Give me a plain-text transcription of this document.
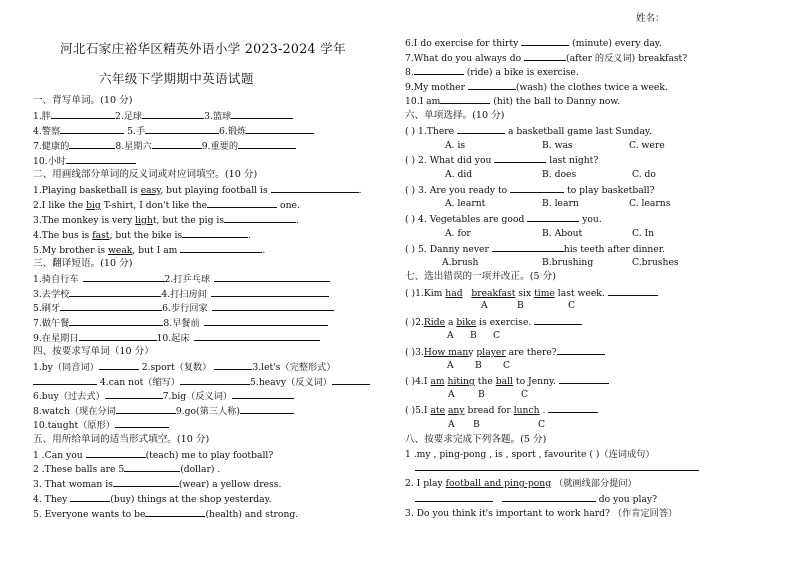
姓名：
河北石家庄裕华区精英外语小学 2023-2024 学年
六年级下学期期中英语试题
一、背写单词。(10 分)
1.胖	2.足球	3.篮球
4.警察	5.手	6.锻炼
7.健康的	8.星期六	9.重要的
10.小时
二、用画线部分单词的反义词或对应词填空。(10 分)
1.Playing basketball is easy, but playing football is	.
2.I like the big T-shirt, I don't like the	one.
3.The monkey is very light, but the pig is	.
4.The bus is fast, but the bike is	.
5.My brother is weak, but I am	.
三、翻译短语。(10 分)
1.骑自行车	2.打乒乓球
3.去学校	4.打扫房间
5.刷牙	6.步行回家
7.做午餐	8.早餐前
9.在星期日	10.起床
四、按要求写单词（10 分）
1.by（同音词）	2.sport（复数）	3.let's（完整形式）
4.can not（缩写）	5.heavy（反义词）
6.buy（过去式）	7.big（反义词）
8.watch（现在分词	9.go(第三人称)
10.taught（原形）
五、用所给单词的适当形式填空。(10 分)
1 .Can you	(teach) me to play football?
2 .These balls are 5	(dollar) .
3. That woman is	(wear) a yellow dress.
4. They	(buy) things at the shop yesterday.
5. Everyone wants to be	(health) and strong.
6.I do exercise for thirty	(minute) every day.
7.What do you always do	(after 的反义词) breakfast?
8.	(ride) a bike is exercise.
9.My mother	(wash) the clothes twice a week.
10.I am	(hit) the ball to Danny now.
六、单项选择。(10 分)
( ) 1.There	a basketball game last Sunday.
A. is	B. was	C. were
( ) 2. What did you	last night?
A. did	B. does	C. do
( ) 3. Are you ready to	to play basketball?
A. learnt	B. learn	C. learns
( ) 4. Vegetables are good	you.
A. for	B. About	C. In
( ) 5. Danny never	his teeth after dinner.
A.brush	B.brushing	C.brushes
七、选出错误的一项并改正。(5 分)
( )1.Kim had breakfast six time last week.
A	B	C
( )2.Ride a bike is exercise.
A B C
( )3.How many player are there?
A B C
( )4.I am hiting the ball to Jenny.
A	B	C
( )5.I ate any bread for lunch .
A B	C
八、按要求完成下列各题。(5 分)
1 .my , ping-pong , is , sport , favourite ( )（连词成句）
2. I play football and ping-pong （就画线部分提问）
do you play?
3. Do you think it's important to work hard? （作肯定回答）
